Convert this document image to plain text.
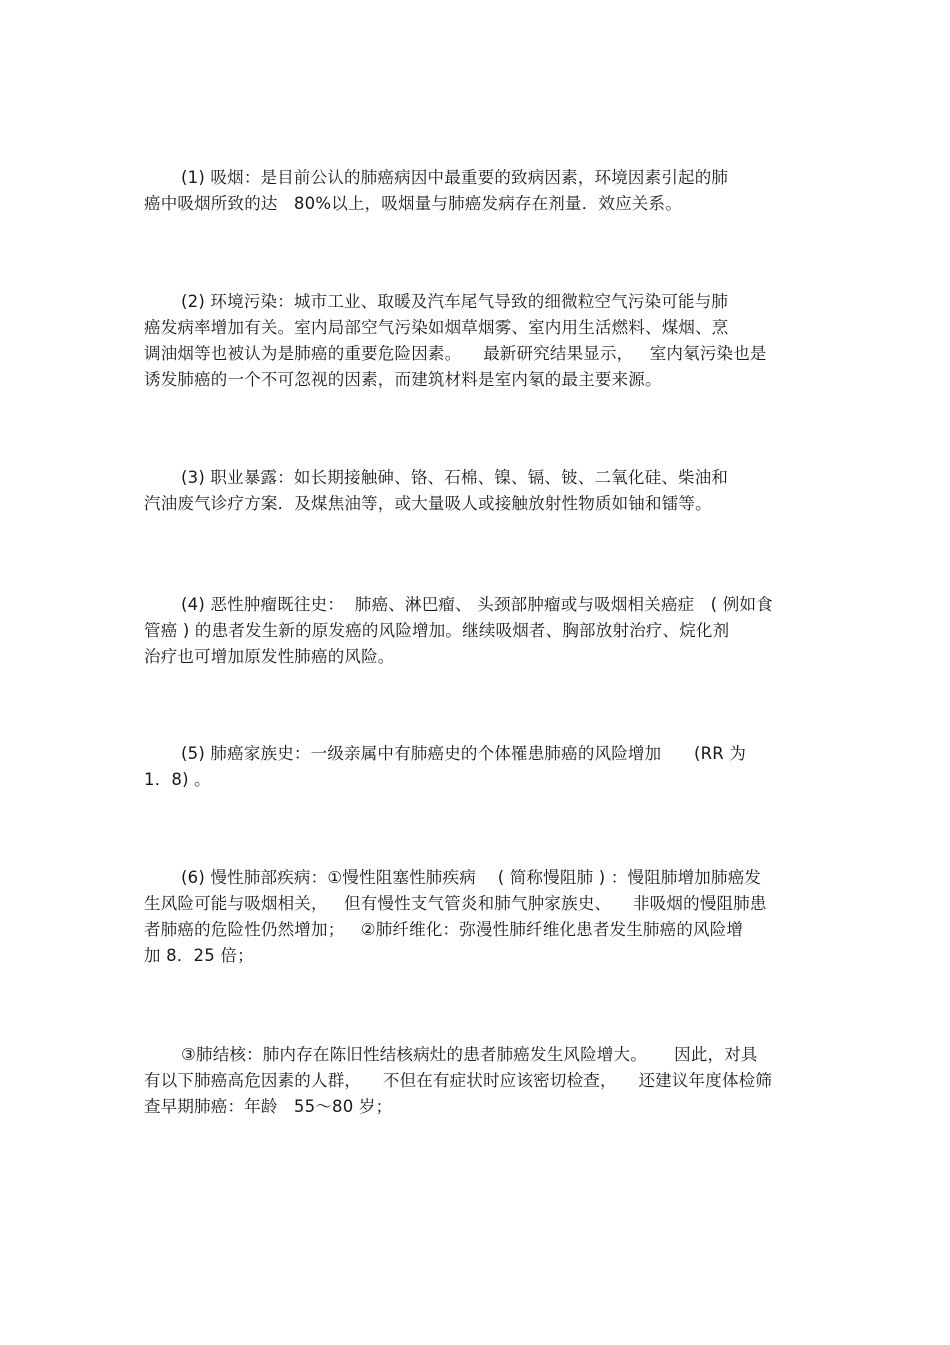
(1) 吸烟：是目前公认的肺癌病因中最重要的致病因素，环境因素引起的肺
癌中吸烟所致的达   80%以上，吸烟量与肺癌发病存在剂量．效应关系。
(2) 环境污染：城市工业、取暖及汽车尾气导致的细微粒空气污染可能与肺
癌发病率增加有关。室内局部空气污染如烟草烟雾、室内用生活燃料、煤烟、烹
调油烟等也被认为是肺癌的重要危险因素。    最新研究结果显示，   室内氡污染也是
诱发肺癌的一个不可忽视的因素，而建筑材料是室内氡的最主要来源。
(3) 职业暴露：如长期接触砷、铬、石棉、镍、镉、铍、二氧化硅、柴油和
汽油废气诊疗方案．及煤焦油等，或大量吸人或接触放射性物质如铀和镭等。
(4) 恶性肿瘤既往史：  肺癌、淋巴瘤、 头颈部肿瘤或与吸烟相关癌症   ( 例如食
管癌 ) 的患者发生新的原发癌的风险增加。继续吸烟者、胸部放射治疗、烷化剂
治疗也可增加原发性肺癌的风险。
(5) 肺癌家族史：一级亲属中有肺癌史的个体罹患肺癌的风险增加      (RR 为
1．8) 。
(6) 慢性肺部疾病：①慢性阻塞性肺疾病    ( 简称慢阻肺 ) ：慢阻肺增加肺癌发
生风险可能与吸烟相关，   但有慢性支气管炎和肺气肿家族史、    非吸烟的慢阻肺患
者肺癌的危险性仍然增加；   ②肺纤维化：弥漫性肺纤维化患者发生肺癌的风险增
加 8．25 倍；
③肺结核：肺内存在陈旧性结核病灶的患者肺癌发生风险增大。     因此，对具
有以下肺癌高危因素的人群，    不但在有症状时应该密切检查，    还建议年度体检筛
查早期肺癌：年龄   55～80 岁；
